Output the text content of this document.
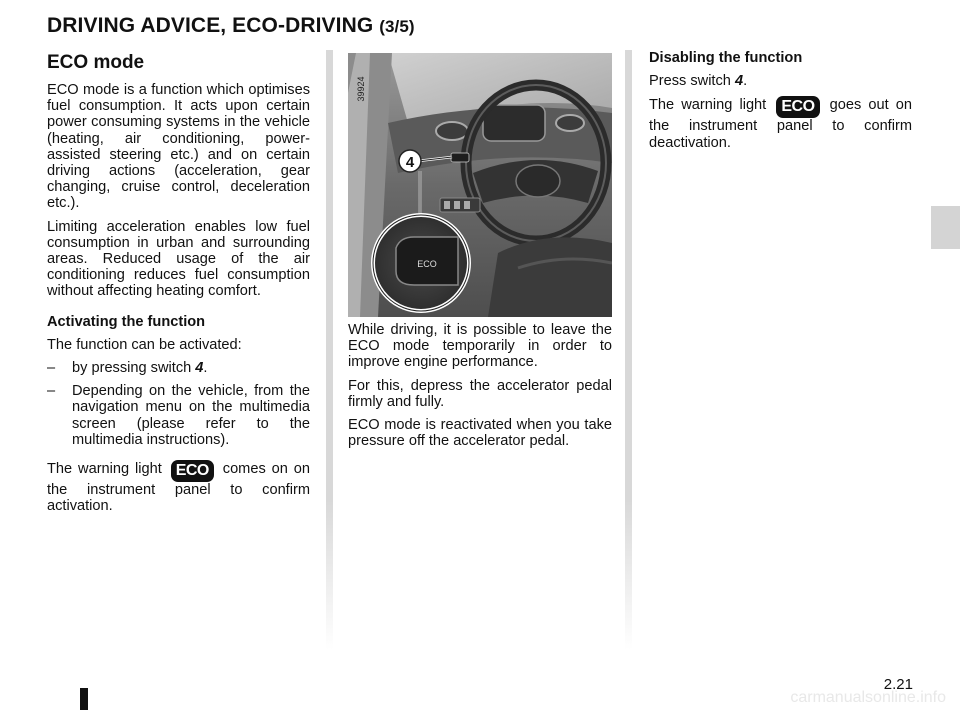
DRIVING ADVICE, ECO-DRIVING (3/5)
ECO mode

ECO mode is a function which optimises fuel consumption. It acts upon certain power consuming systems in the vehicle (heating, air conditioning, power-assisted steering etc.) and on certain driving actions (acceleration, gear changing, cruise control, deceleration etc.).

Limiting acceleration enables low fuel consumption in urban and surrounding areas. Reduced usage of the air conditioning reduces fuel consumption without affecting heating comfort.

Activating the function

The function can be activated:

– by pressing switch 4.
– Depending on the vehicle, from the navigation menu on the multimedia screen (please refer to the multimedia instructions).

The warning light ECO comes on on the instrument panel to confirm activation.

4
ECO
39924

While driving, it is possible to leave the ECO mode temporarily in order to improve engine performance.

For this, depress the accelerator pedal firmly and fully.

ECO mode is reactivated when you take pressure off the accelerator pedal.

Disabling the function

Press switch 4.

The warning light ECO goes out on the instrument panel to confirm deactivation.

2.21
carmanualsonline.info
